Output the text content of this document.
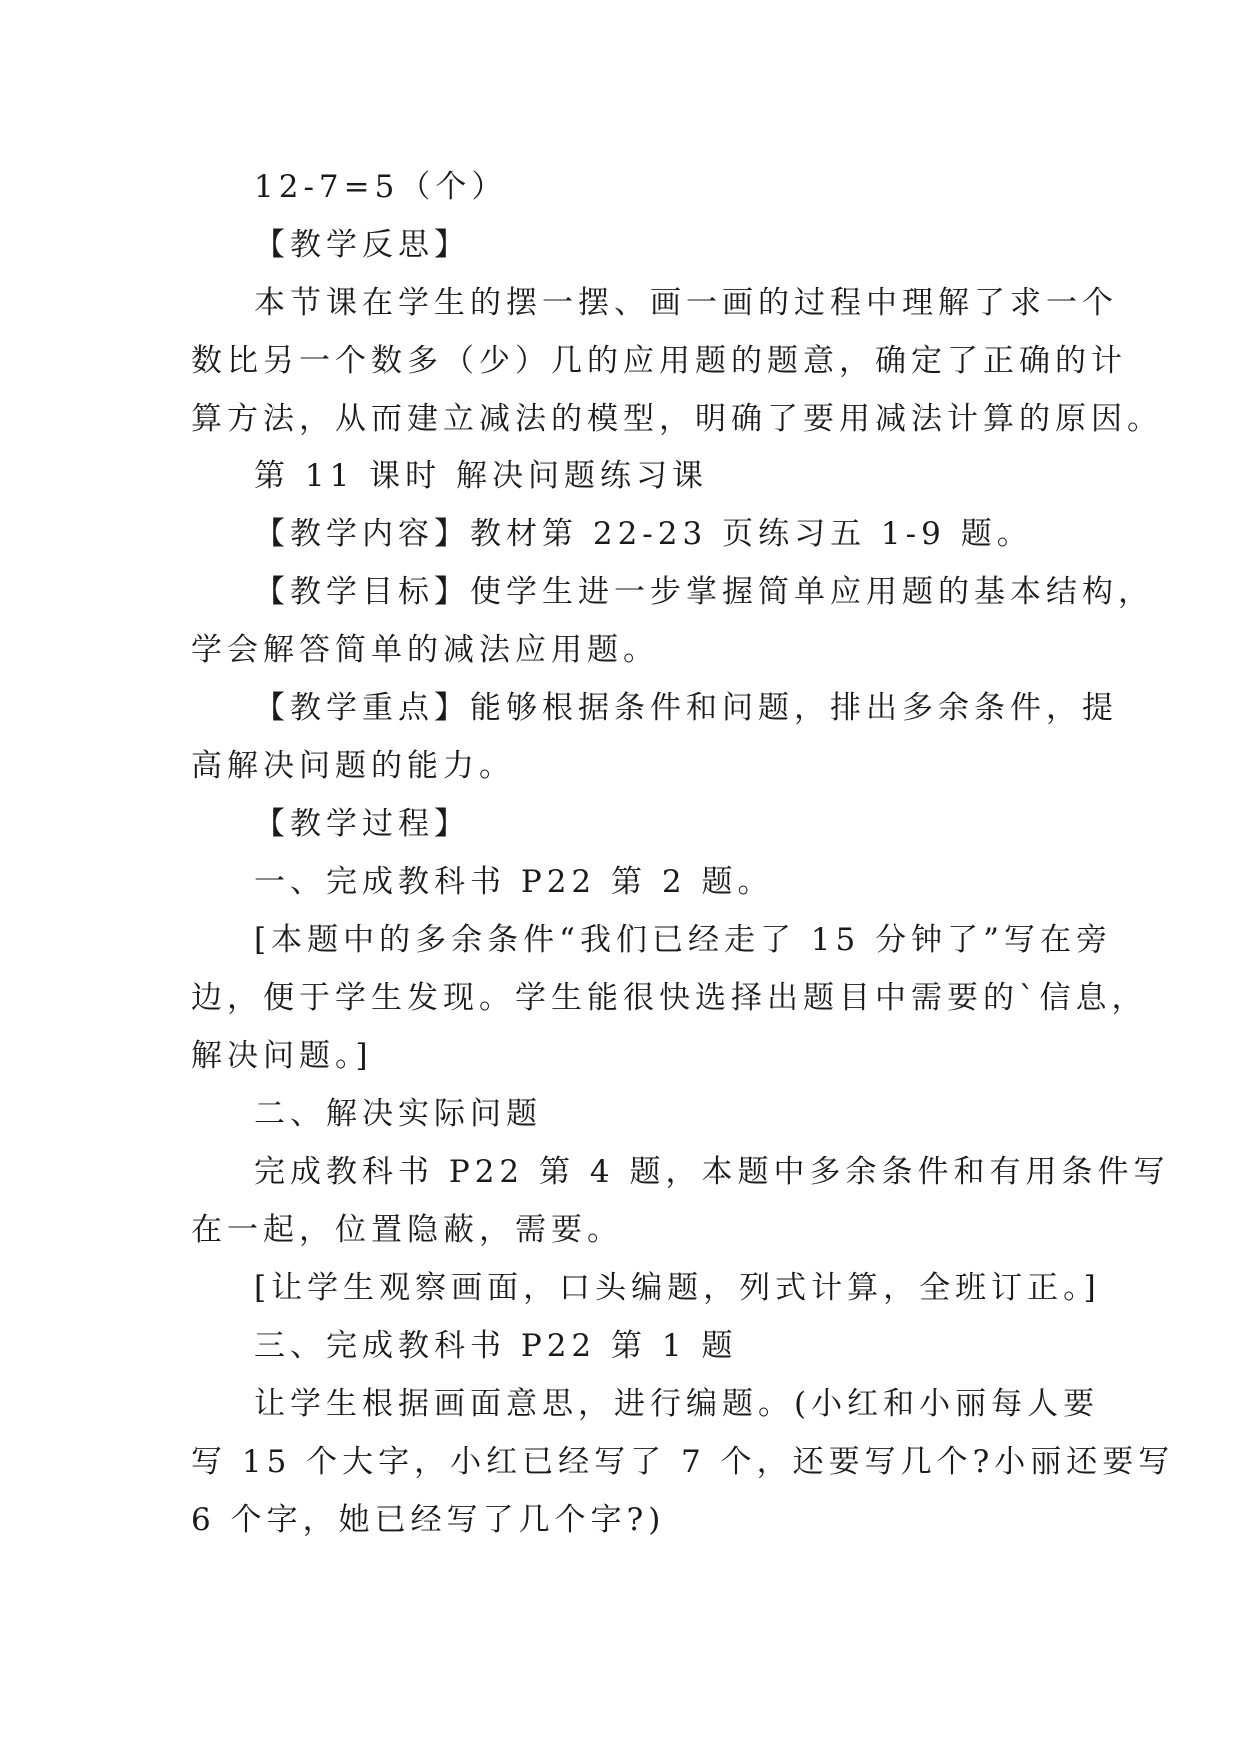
12-7=5（个）
【教学反思】
本节课在学生的摆一摆、画一画的过程中理解了求一个
数比另一个数多（少）几的应用题的题意，确定了正确的计
算方法，从而建立减法的模型，明确了要用减法计算的原因。
第 11 课时 解决问题练习课
【教学内容】教材第 22-23 页练习五 1-9 题。
【教学目标】使学生进一步掌握简单应用题的基本结构，
学会解答简单的减法应用题。
【教学重点】能够根据条件和问题，排出多余条件，提
高解决问题的能力。
【教学过程】
一、完成教科书 P22 第 2 题。
[本题中的多余条件“我们已经走了 15 分钟了”写在旁
边，便于学生发现。学生能很快选择出题目中需要的`信息，
解决问题。]
二、解决实际问题
完成教科书 P22 第 4 题，本题中多余条件和有用条件写
在一起，位置隐蔽，需要。
[让学生观察画面，口头编题，列式计算，全班订正。]
三、完成教科书 P22 第 1 题
让学生根据画面意思，进行编题。(小红和小丽每人要
写 15 个大字，小红已经写了 7 个，还要写几个?小丽还要写
6 个字，她已经写了几个字?)
